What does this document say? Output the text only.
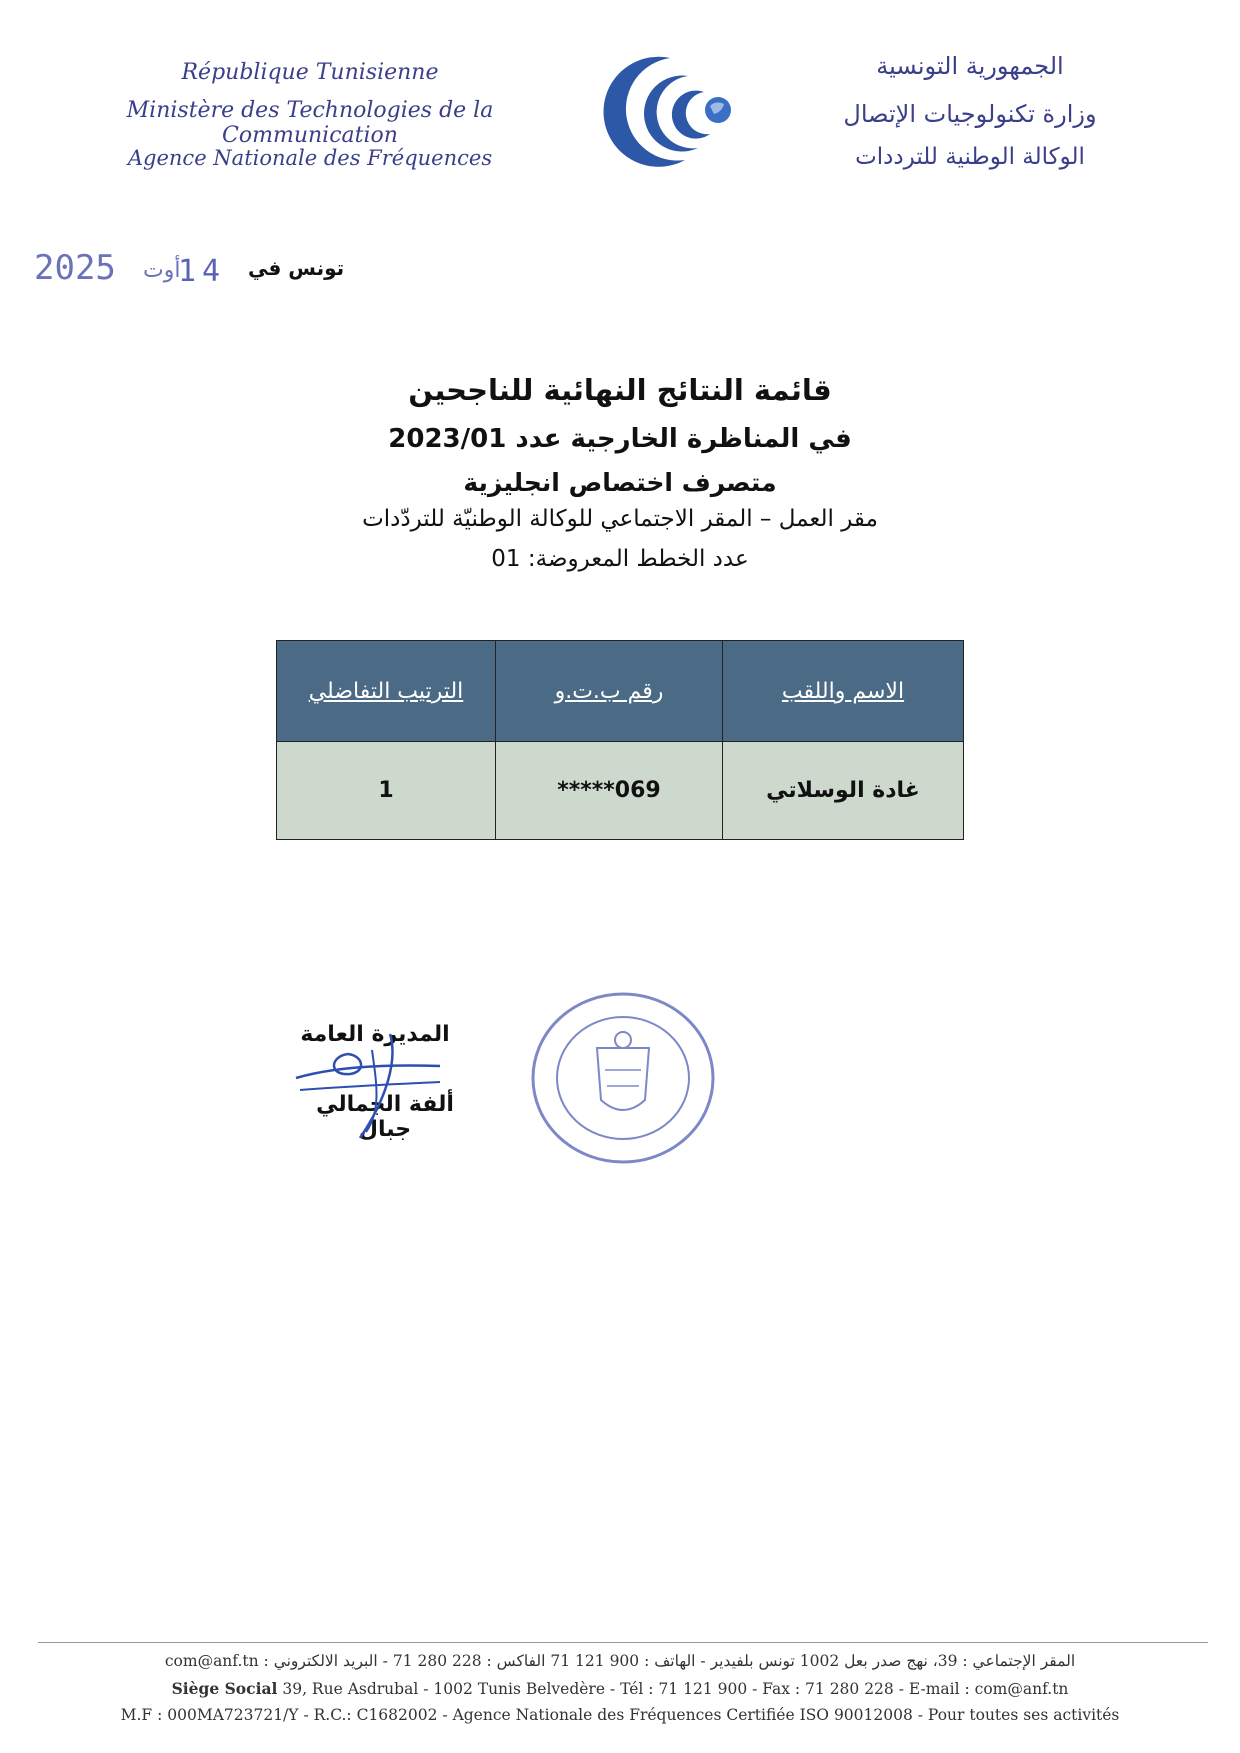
République Tunisienne
Ministère des Technologies de la Communication
Agence Nationale des Fréquences
الجمهورية التونسية
وزارة تكنولوجيات الإتصال
الوكالة الوطنية للترددات
تونس في
14
أوت
2025
قائمة النتائج النهائية للناجحين
في المناظرة الخارجية عدد 2023/01
متصرف اختصاص انجليزية
مقر العمل – المقر الاجتماعي للوكالة الوطنيّة للتردّدات
عدد الخطط المعروضة: 01
الاسم واللقب	رقم ب.ت.و	الترتيب التفاضلي
غادة الوسلاتي	*****069	1
المديرة العامة
ألفة الجمالي جبال
المقر الإجتماعي : 39، نهج صدر بعل 1002 تونس بلفيدير - الهاتف : 900 121 71 الفاكس : 228 280 71 - البريد الالكتروني : com@anf.tn
Siège Social 39, Rue Asdrubal - 1002 Tunis Belvedère - Tél : 71 121 900 - Fax : 71 280 228 - E-mail : com@anf.tn
M.F : 000MA723721/Y - R.C.: C1682002 - Agence Nationale des Fréquences Certifiée ISO 90012008 - Pour toutes ses activités
